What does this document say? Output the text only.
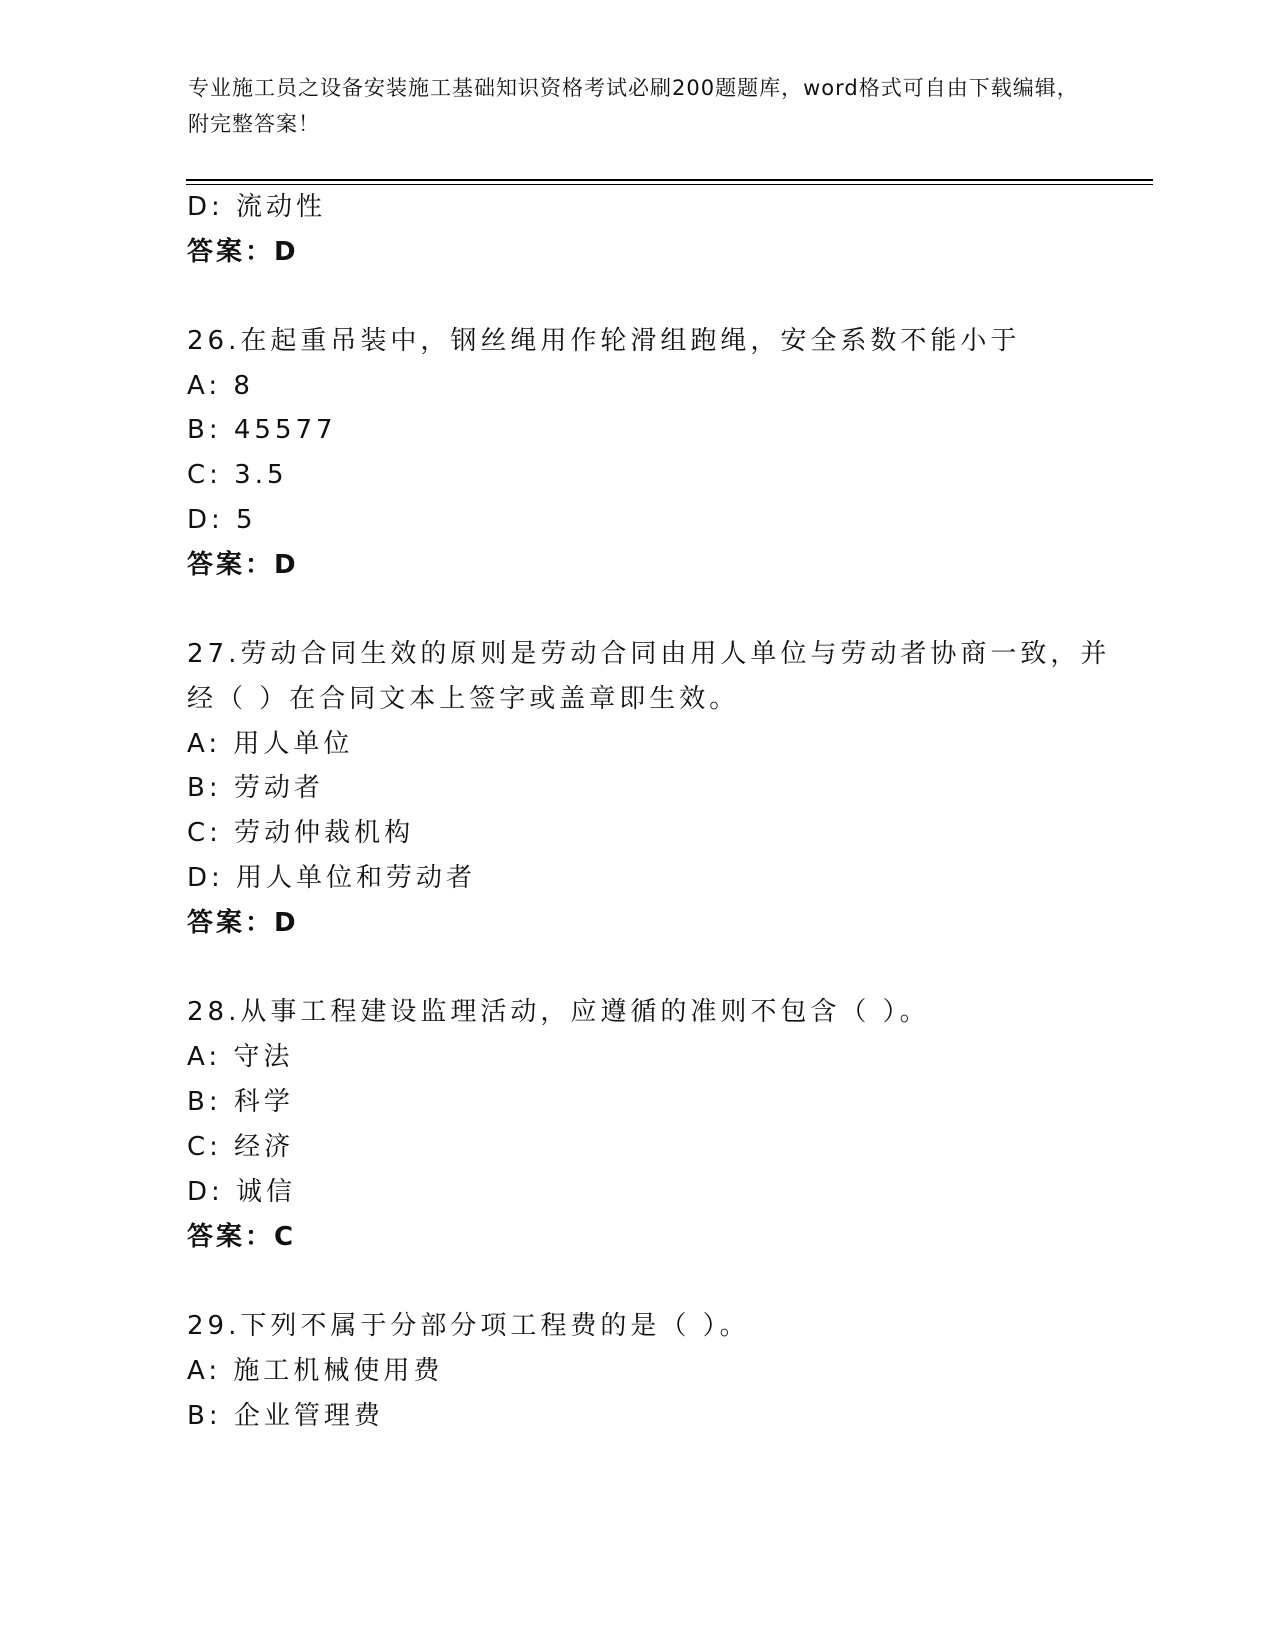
专业施工员之设备安装施工基础知识资格考试必刷200题题库，word格式可自由下载编辑，附完整答案！
D: 流动性
答案：D
26.在起重吊装中，钢丝绳用作轮滑组跑绳，安全系数不能小于
A: 8
B: 45577
C: 3.5
D: 5
答案：D
27.劳动合同生效的原则是劳动合同由用人单位与劳动者协商一致，并
经（ ）在合同文本上签字或盖章即生效。
A: 用人单位
B: 劳动者
C: 劳动仲裁机构
D: 用人单位和劳动者
答案：D
28.从事工程建设监理活动，应遵循的准则不包含（ ）。
A: 守法
B: 科学
C: 经济
D: 诚信
答案：C
29.下列不属于分部分项工程费的是（ ）。
A: 施工机械使用费
B: 企业管理费
